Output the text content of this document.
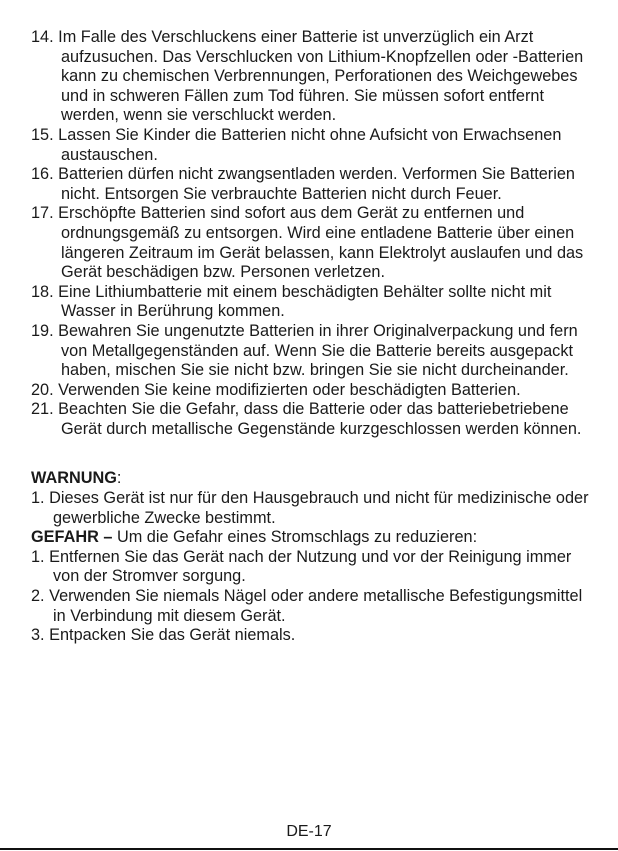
14. Im Falle des Verschluckens einer Batterie ist unverzüglich ein Arzt aufzusuchen. Das Verschlucken von Lithium-Knopfzellen oder -Batterien kann zu chemischen Verbrennungen, Perforationen des Weichgewebes und in schweren Fällen zum Tod führen. Sie müssen sofort entfernt werden, wenn sie verschluckt werden.

15. Lassen Sie Kinder die Batterien nicht ohne Aufsicht von Erwachsenen austauschen.

16. Batterien dürfen nicht zwangsentladen werden. Verformen Sie Batterien nicht. Entsorgen Sie verbrauchte Batterien nicht durch Feuer.

17. Erschöpfte Batterien sind sofort aus dem Gerät zu entfernen und ordnungsgemäß zu entsorgen. Wird eine entladene Batterie über einen längeren Zeitraum im Gerät belassen, kann Elektrolyt auslaufen und das Gerät beschädigen bzw. Personen verletzen.

18. Eine Lithiumbatterie mit einem beschädigten Behälter sollte nicht mit Wasser in Berührung kommen.

19. Bewahren Sie ungenutzte Batterien in ihrer Originalverpackung und fern von Metallgegenständen auf. Wenn Sie die Batterie bereits ausgepackt haben, mischen Sie sie nicht bzw. bringen Sie sie nicht durcheinander.

20. Verwenden Sie keine modifizierten oder beschädigten Batterien.

21. Beachten Sie die Gefahr, dass die Batterie oder das batteriebetriebene Gerät durch metallische Gegenstände kurzgeschlossen werden können.

WARNUNG:

1. Dieses Gerät ist nur für den Hausgebrauch und nicht für medizinische oder gewerbliche Zwecke bestimmt.

GEFAHR – Um die Gefahr eines Stromschlags zu reduzieren:

1. Entfernen Sie das Gerät nach der Nutzung und vor der Reinigung immer von der Stromver sorgung.

2. Verwenden Sie niemals Nägel oder andere metallische Befestigungsmittel in Verbindung mit diesem Gerät.

3. Entpacken Sie das Gerät niemals.

DE-17
